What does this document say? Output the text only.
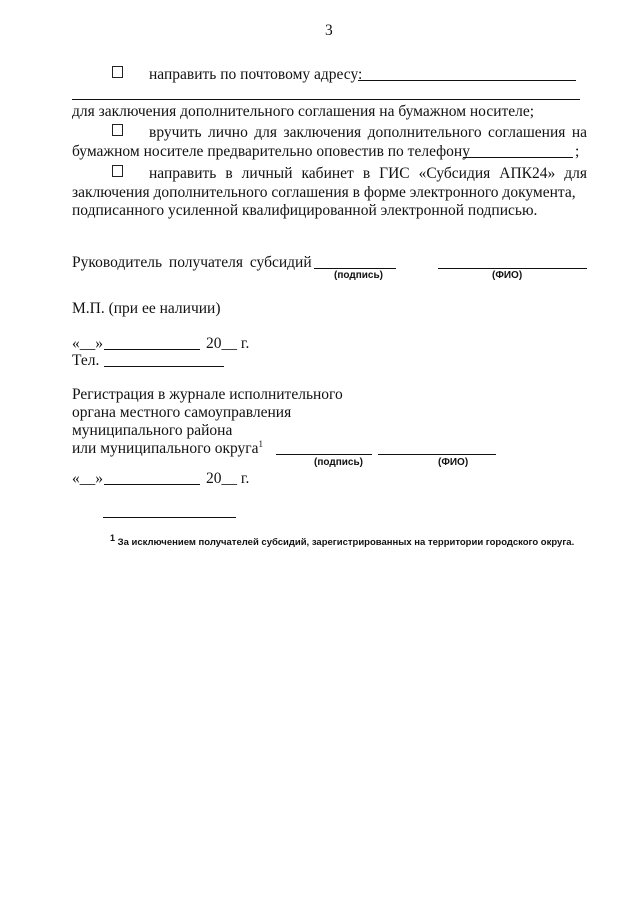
3
направить по почтовому адресу:
для заключения дополнительного соглашения на бумажном носителе;
вручить лично для заключения дополнительного соглашения на
бумажном носителе предварительно оповестив по телефону	;
направить в личный кабинет в ГИС «Субсидия АПК24» для
заключения дополнительного соглашения в форме электронного документа,
подписанного усиленной квалифицированной электронной подписью.
Руководитель получателя субсидий
(подпись)	(ФИО)
М.П. (при ее наличии)
«__»	20__ г.
Тел.
Регистрация в журнале исполнительного
органа местного самоуправления
муниципального района
или муниципального округа$^1$
(подпись)	(ФИО)
«__»	20__ г.
$^1$ За исключением получателей субсидий, зарегистрированных на территории городского округа.
